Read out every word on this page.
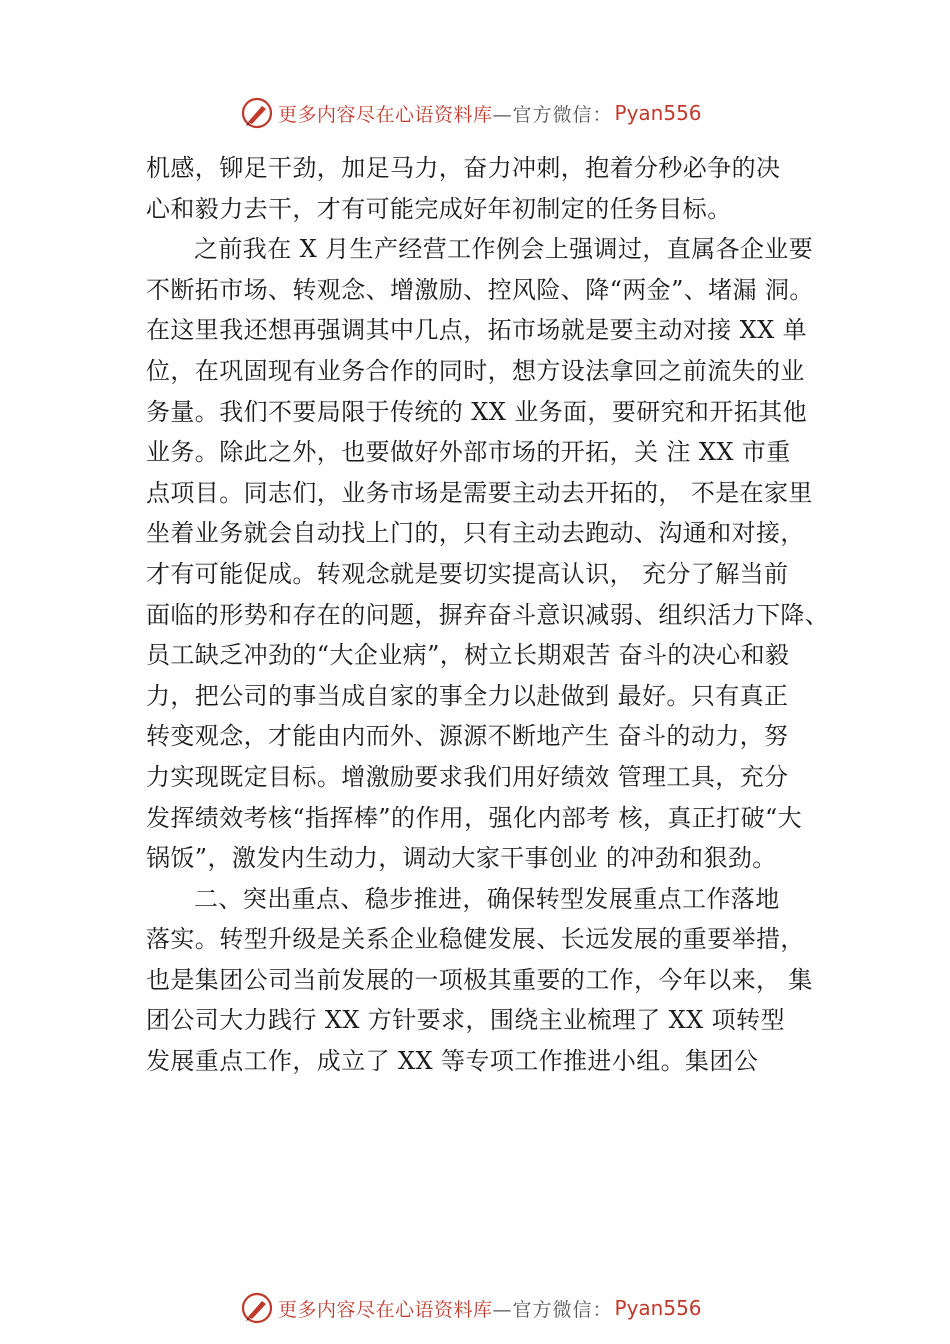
更多内容尽在心语资料库 —官方微信： Pyan556
机感，铆足干劲，加足马力，奋力冲刺，抱着分秒必争的决
心和毅力去干，才有可能完成好年初制定的任务目标。
之前我在 X 月生产经营工作例会上强调过，直属各企业要
不断拓市场、转观念、增激励、控风险、降“两金”、堵漏 洞。
在这里我还想再强调其中几点，拓市场就是要主动对接 XX 单
位，在巩固现有业务合作的同时，想方设法拿回之前流失的业
务量。我们不要局限于传统的 XX 业务面，要研究和开拓其他
业务。除此之外，也要做好外部市场的开拓，关 注 XX 市重
点项目。同志们，业务市场是需要主动去开拓的， 不是在家里
坐着业务就会自动找上门的，只有主动去跑动、沟通和对接，
才有可能促成。转观念就是要切实提高认识， 充分了解当前
面临的形势和存在的问题，摒弃奋斗意识减弱、组织活力下降、
员工缺乏冲劲的“大企业病”，树立长期艰苦 奋斗的决心和毅
力，把公司的事当成自家的事全力以赴做到 最好。只有真正
转变观念，才能由内而外、源源不断地产生 奋斗的动力，努
力实现既定目标。增激励要求我们用好绩效 管理工具，充分
发挥绩效考核“指挥棒”的作用，强化内部考 核，真正打破“大
锅饭”，激发内生动力，调动大家干事创业 的冲劲和狠劲。
二、突出重点、稳步推进，确保转型发展重点工作落地
落实。转型升级是关系企业稳健发展、长远发展的重要举措，
也是集团公司当前发展的一项极其重要的工作，今年以来， 集
团公司大力践行 XX 方针要求，围绕主业梳理了 XX 项转型
发展重点工作，成立了 XX 等专项工作推进小组。集团公
更多内容尽在心语资料库 —官方微信： Pyan556
